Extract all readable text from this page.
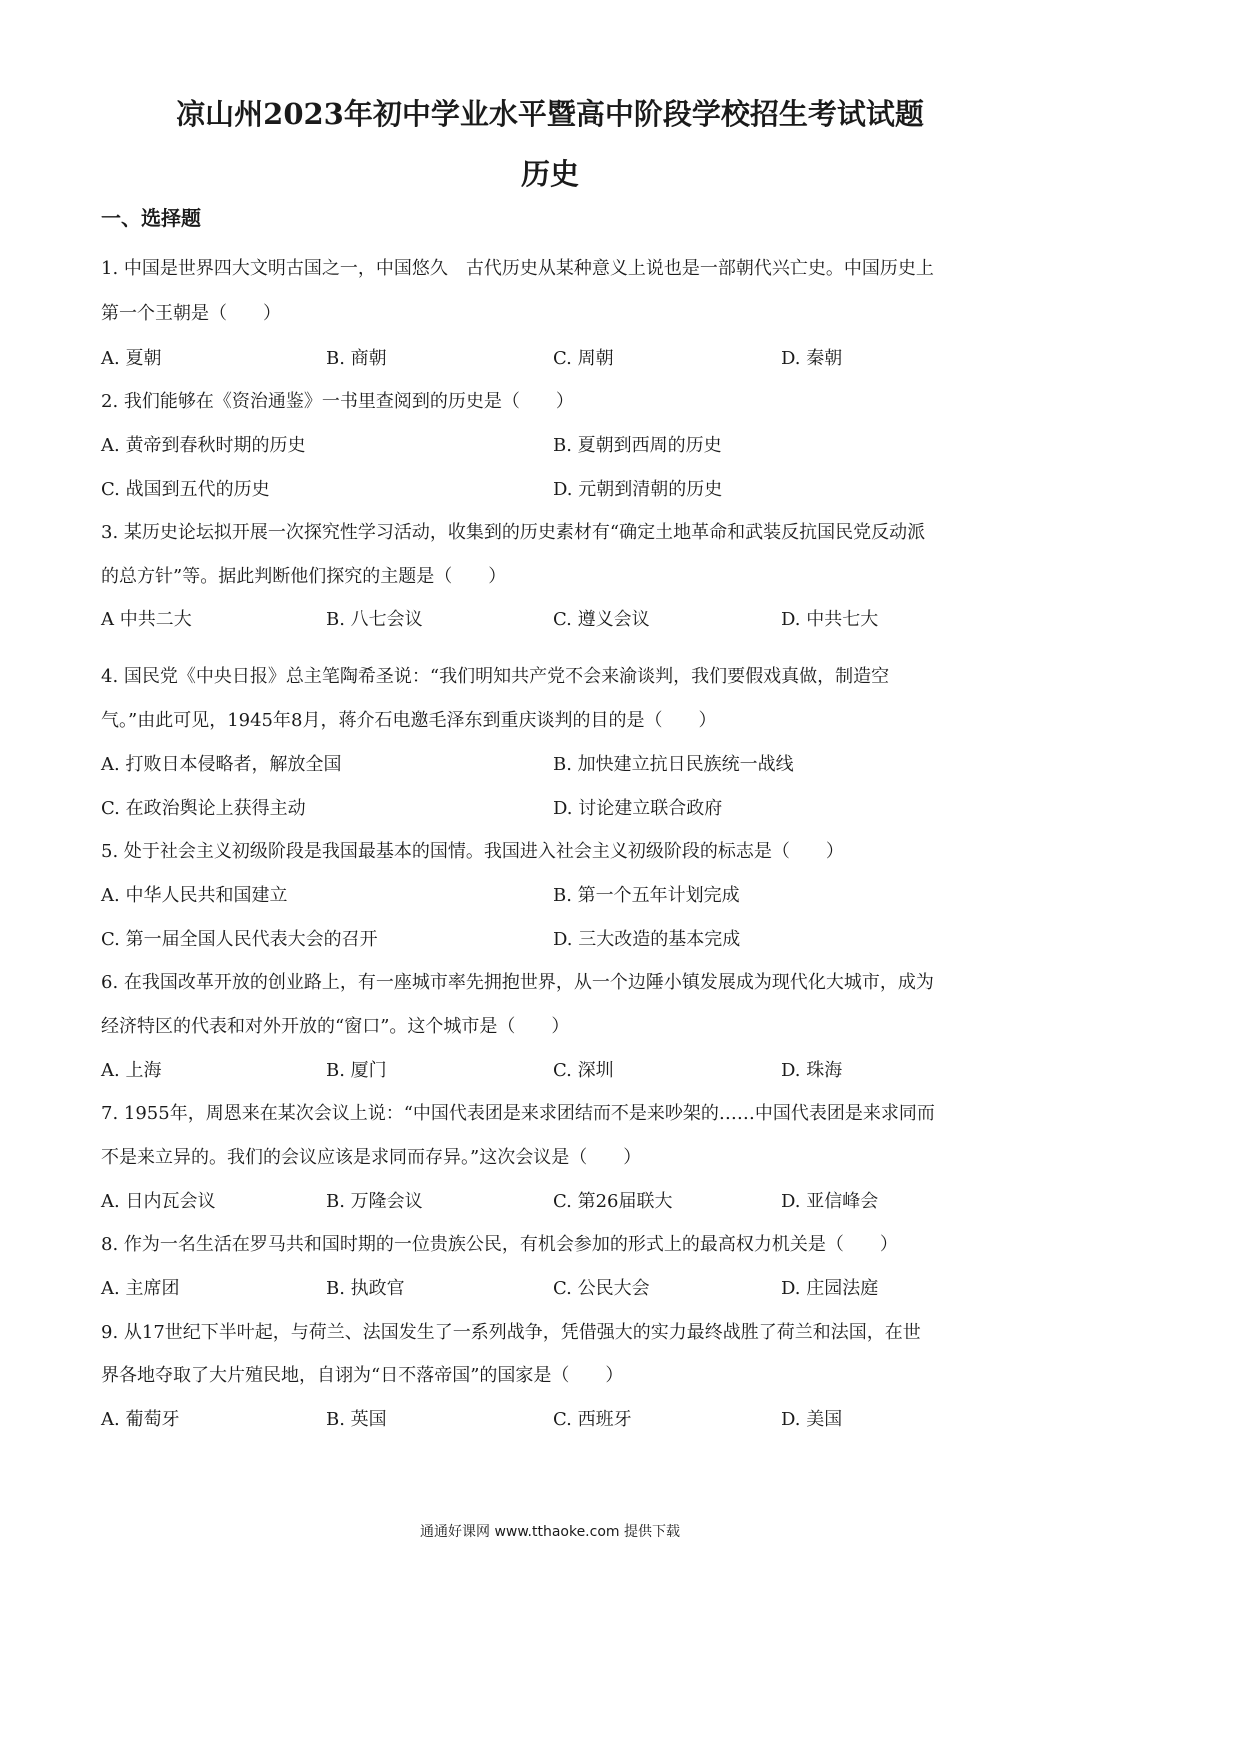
凉山州2023年初中学业水平暨高中阶段学校招生考试试题
历史
一、选择题
1. 中国是世界四大文明古国之一，中国悠久　古代历史从某种意义上说也是一部朝代兴亡史。中国历史上
第一个王朝是（　　）
A. 夏朝	B. 商朝	C. 周朝	D. 秦朝
2. 我们能够在《资治通鉴》一书里查阅到的历史是（　　）
A. 黄帝到春秋时期的历史	B. 夏朝到西周的历史
C. 战国到五代的历史	D. 元朝到清朝的历史
3. 某历史论坛拟开展一次探究性学习活动，收集到的历史素材有“确定土地革命和武装反抗国民党反动派
的总方针”等。据此判断他们探究的主题是（　　）
A 中共二大	B. 八七会议	C. 遵义会议	D. 中共七大
4. 国民党《中央日报》总主笔陶希圣说：“我们明知共产党不会来渝谈判，我们要假戏真做，制造空
气。”由此可见，1945年8月，蒋介石电邀毛泽东到重庆谈判的目的是（　　）
A. 打败日本侵略者，解放全国	B. 加快建立抗日民族统一战线
C. 在政治舆论上获得主动	D. 讨论建立联合政府
5. 处于社会主义初级阶段是我国最基本的国情。我国进入社会主义初级阶段的标志是（　　）
A. 中华人民共和国建立	B. 第一个五年计划完成
C. 第一届全国人民代表大会的召开	D. 三大改造的基本完成
6. 在我国改革开放的创业路上，有一座城市率先拥抱世界，从一个边陲小镇发展成为现代化大城市，成为
经济特区的代表和对外开放的“窗口”。这个城市是（　　）
A. 上海	B. 厦门	C. 深圳	D. 珠海
7. 1955年，周恩来在某次会议上说：“中国代表团是来求团结而不是来吵架的……中国代表团是来求同而
不是来立异的。我们的会议应该是求同而存异。”这次会议是（　　）
A. 日内瓦会议	B. 万隆会议	C. 第26届联大	D. 亚信峰会
8. 作为一名生活在罗马共和国时期的一位贵族公民，有机会参加的形式上的最高权力机关是（　　）
A. 主席团	B. 执政官	C. 公民大会	D. 庄园法庭
9. 从17世纪下半叶起，与荷兰、法国发生了一系列战争，凭借强大的实力最终战胜了荷兰和法国，在世
界各地夺取了大片殖民地，自诩为“日不落帝国”的国家是（　　）
A. 葡萄牙	B. 英国	C. 西班牙	D. 美国
通通好课网 www.tthaoke.com 提供下载
